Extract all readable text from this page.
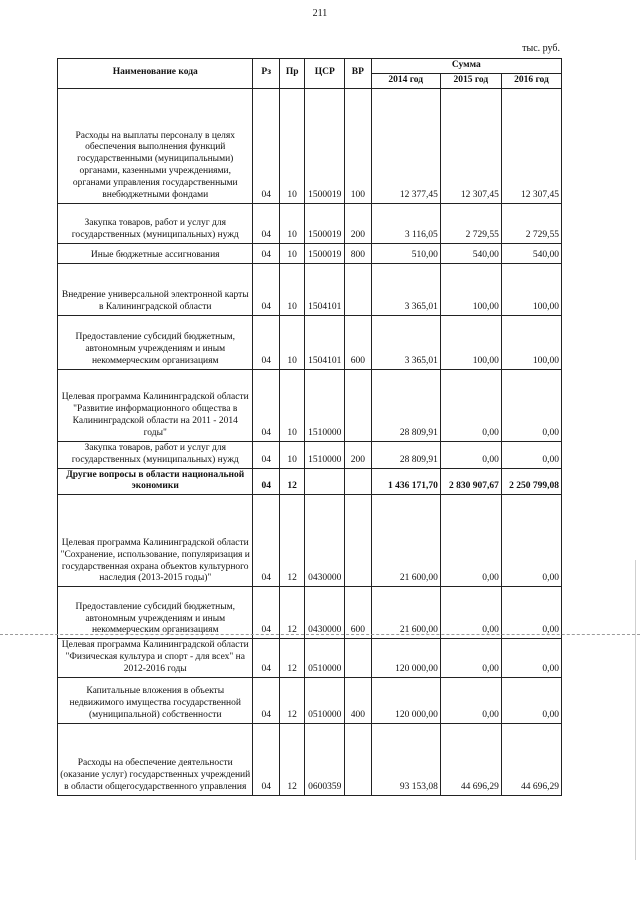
211
тыс. руб.
Наименование кода	Рз	Пр	ЦСР	ВР	Сумма		
					2014 год	2015 год	2016 год
Расходы на выплаты персоналу в целях обеспечения выполнения функций государственными (муниципальными) органами, казенными учреждениями, органами управления государственными внебюджетными фондами	04	10	1500019	100	12 377,45	12 307,45	12 307,45
Закупка товаров, работ и услуг для государственных (муниципальных) нужд	04	10	1500019	200	3 116,05	2 729,55	2 729,55
Иные бюджетные ассигнования	04	10	1500019	800	510,00	540,00	540,00
Внедрение универсальной электронной карты в Калининградской области	04	10	1504101		3 365,01	100,00	100,00
Предоставление субсидий бюджетным, автономным учреждениям и иным некоммерческим организациям	04	10	1504101	600	3 365,01	100,00	100,00
Целевая программа Калининградской области "Развитие информационного общества в Калининградской области на 2011 - 2014 годы"	04	10	1510000		28 809,91	0,00	0,00
Закупка товаров, работ и услуг для государственных (муниципальных) нужд	04	10	1510000	200	28 809,91	0,00	0,00
Другие вопросы в области национальной экономики	04	12			1 436 171,70	2 830 907,67	2 250 799,08
Целевая программа Калининградской области "Сохранение, использование, популяризация и государственная охрана объектов культурного наследия (2013-2015 годы)"	04	12	0430000		21 600,00	0,00	0,00
Предоставление субсидий бюджетным, автономным учреждениям и иным некоммерческим организациям	04	12	0430000	600	21 600,00	0,00	0,00
Целевая программа Калининградской области "Физическая культура и спорт - для всех" на 2012-2016 годы	04	12	0510000		120 000,00	0,00	0,00
Капитальные вложения в объекты недвижимого имущества государственной (муниципальной) собственности	04	12	0510000	400	120 000,00	0,00	0,00
Расходы на обеспечение деятельности (оказание услуг) государственных учреждений в области общегосударственного управления	04	12	0600359		93 153,08	44 696,29	44 696,29
